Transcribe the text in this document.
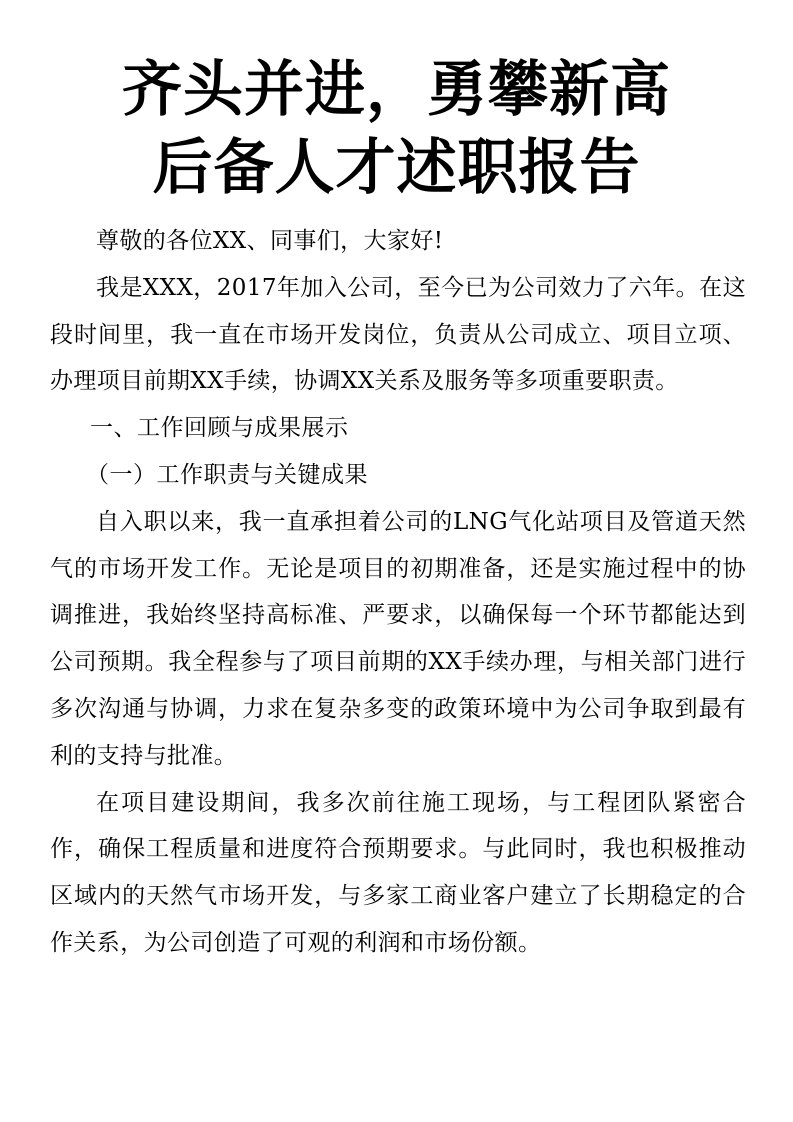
齐头并进，勇攀新高
后备人才述职报告

尊敬的各位XX、同事们，大家好!

我是XXX，2017年加入公司，至今已为公司效力了六年。在这段时间里，我一直在市场开发岗位，负责从公司成立、项目立项、办理项目前期XX手续，协调XX关系及服务等多项重要职责。

一、工作回顾与成果展示
（一）工作职责与关键成果

自入职以来，我一直承担着公司的LNG气化站项目及管道天然气的市场开发工作。无论是项目的初期准备，还是实施过程中的协调推进，我始终坚持高标准、严要求，以确保每一个环节都能达到公司预期。我全程参与了项目前期的XX手续办理，与相关部门进行多次沟通与协调，力求在复杂多变的政策环境中为公司争取到最有利的支持与批准。

在项目建设期间，我多次前往施工现场，与工程团队紧密合作，确保工程质量和进度符合预期要求。与此同时，我也积极推动区域内的天然气市场开发，与多家工商业客户建立了长期稳定的合作关系，为公司创造了可观的利润和市场份额。
